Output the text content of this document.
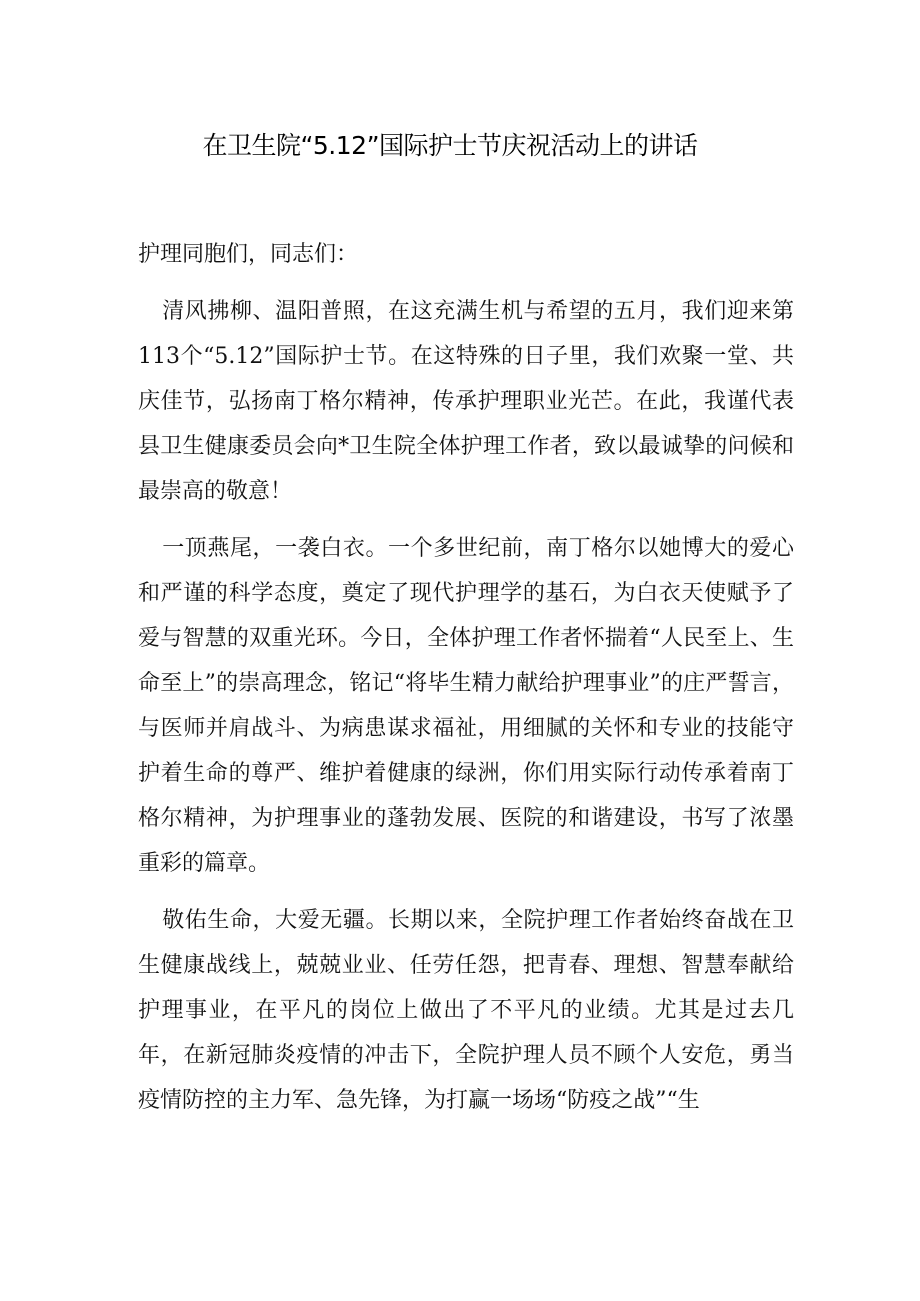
在卫生院“5.12”国际护士节庆祝活动上的讲话

护理同胞们，同志们：

清风拂柳、温阳普照，在这充满生机与希望的五月，我们迎来第113个“5.12”国际护士节。在这特殊的日子里，我们欢聚一堂、共庆佳节，弘扬南丁格尔精神，传承护理职业光芒。在此，我谨代表县卫生健康委员会向*卫生院全体护理工作者，致以最诚挚的问候和最崇高的敬意！

一顶燕尾，一袭白衣。一个多世纪前，南丁格尔以她博大的爱心和严谨的科学态度，奠定了现代护理学的基石，为白衣天使赋予了爱与智慧的双重光环。今日，全体护理工作者怀揣着“人民至上、生命至上”的崇高理念，铭记“将毕生精力献给护理事业”的庄严誓言，与医师并肩战斗、为病患谋求福祉，用细腻的关怀和专业的技能守护着生命的尊严、维护着健康的绿洲，你们用实际行动传承着南丁格尔精神，为护理事业的蓬勃发展、医院的和谐建设，书写了浓墨重彩的篇章。

敬佑生命，大爱无疆。长期以来，全院护理工作者始终奋战在卫生健康战线上，兢兢业业、任劳任怨，把青春、理想、智慧奉献给护理事业，在平凡的岗位上做出了不平凡的业绩。尤其是过去几年，在新冠肺炎疫情的冲击下，全院护理人员不顾个人安危，勇当疫情防控的主力军、急先锋，为打赢一场场“防疫之战”“生
